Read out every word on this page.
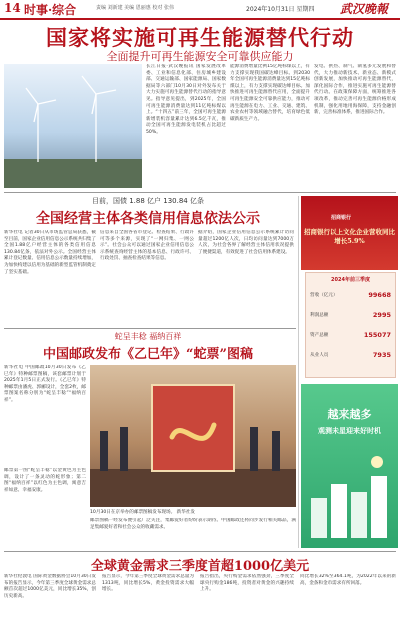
14 时事·综合	责编 刘新建 美编 恩丽惠 校对 张伟	2024年10月31日 星期四 武汉晚報
国家将实施可再生能源替代行动
全面提升可再生能源安全可靠供应能力
长江日报·武汉晚报讯 国家发展改革委、工业和信息化部、住房城乡建设部、交通运输部、国家能源局、国家数据局等六部门10月30日对外发布关于大力实施可再生能源替代行动的指导意见。指导意见提出，到2025年，全国可再生能源消费量达到11亿吨标煤以上。“十四五”前三年，全国可再生能源新增装机容量累计达到6.5亿千瓦，推动全国可再生能源发电装机占比超过50%。
能源消费增量比例15亿吨标煤以上，有力支撑实现我国碳达峰目标。到2030年全国可再生能源消费量达到15亿吨标煤以上，有力支撑实现碳达峰目标。加快推进可再生能源替代应用，全面提升可再生能源安全可靠供应能力，推动可再生能源在电力、工业、交通、建筑、农业农村等领域融合替代，培育绿色低碳新质生产力。
发电、供热、制气、制氢多元发展和替代，大力推动新技术、新业态、新模式创新发展，加快推动可再生能源替代，深化国际合作，推进实施可再生能源替代行动。在政策保障方面，统筹推进各项改革，推动完善可再生能源价格形成机制，强化用地用海保障，支持金融创新，完善标准体系，推进国际合作。
目前，国债 1.88 亿户 130.84 亿条
全国经营主体各类信用信息依法公示
新华社电 记者30日从市场监管总局获悉，截至目前，国家企业信用信息公示系统共归集了全国1.88亿户经营主体的各类信用信息130.84亿条，依法对外公示。全国经营主体累计登记数量、信用信息公示数量持续增加，为加快构建以信用为基础的新型监管机制奠定了坚实基础。
信息来自全国各省市登记、检查结果、行政许可等多个来源，实现了“一网归集、一网公示”。社会公众可以通过国家企业信用信息公示系统查询经营主体的基本信息、行政许可、行政处罚、抽查检查结果等信息。
据介绍，国家企业信用信息公示系统累计访问量超过1200亿人次，日均访问量达到7000万人次，为社会各界了解经营主体信用状况提供了便捷渠道，有效促进了社会信用体系建设。
蛇呈丰稔 福纳百祥
中国邮政发布《乙巳年》“蛇票”图稿
新华社电 中国邮政10月30日发布《乙巳年》特种邮票图稿，该套邮票计划于2025年1月5日正式发行。《乙巳年》特种邮票由潘虎、郭郦设计，全套2枚，邮票图案名称分别为“蛇呈丰稔”“福纳百祥”。
邮票第一图“蛇呈丰稔”以金黄色为主色调，设计了一条灵动的蛇形象；第二图“福纳百祥”以红色为主色调，寓意吉祥如意、幸福安康。
10月30日在京举办的邮票图稿发布现场。 新华社发
邮票图稿一经发布便引起广泛关注，集邮爱好者纷纷表示期待。中国邮政还将同步发行相关邮品，满足集邮爱好者和社会公众的收藏需求。
全球黄金需求三季度首超1000亿美元
新华社伦敦电 国际黄金数据协会10月30日发布的报告显示，今年第三季度全球黄金需求总额首次超过1000亿美元，同比增长35%，创历史新高。
报告显示，今年第三季度全球黄金需求总量为1313吨，同比增长5%，黄金投资需求大幅增长。
报告指出，央行购金需求依然强劲，三季度全球央行购金186吨，投资者对黄金的兴趣持续上升。
同比增长32%至364.1吨，为2022年以来的新高，金条和金币需求有所回落。
招商银行
招商银行以上文化企业营收同比增长5.9%
2024年前三季度
营收（亿元）	99668
利润总额	2995
资产总额	155077
从业人员	7935
越来越多
观测未星迎来好时机
